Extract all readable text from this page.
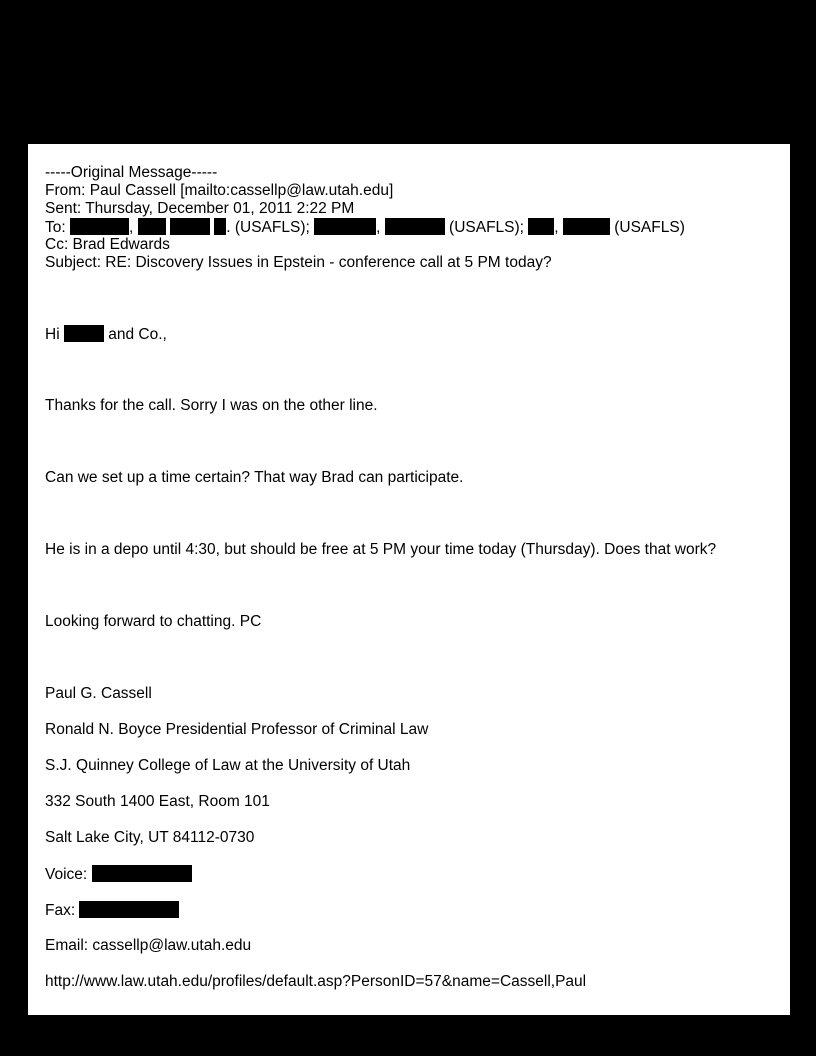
-----Original Message-----
From: Paul Cassell [mailto:cassellp@law.utah.edu]
Sent: Thursday, December 01, 2011 2:22 PM
To:	,	. (USAFLS);	,	(USAFLS); ,	(USAFLS)
Cc: Brad Edwards
Subject: RE: Discovery Issues in Epstein - conference call at 5 PM today?
Hi	and Co.,
Thanks for the call. Sorry I was on the other line.
Can we set up a time certain? That way Brad can participate.
He is in a depo until 4:30, but should be free at 5 PM your time today (Thursday). Does that work?
Looking forward to chatting. PC
Paul G. Cassell
Ronald N. Boyce Presidential Professor of Criminal Law
S.J. Quinney College of Law at the University of Utah
332 South 1400 East, Room 101
Salt Lake City, UT 84112-0730
Voice:
Fax:
Email: cassellp@law.utah.edu
http://www.law.utah.edu/profiles/default.asp?PersonID=57&name=Cassell,Paul
